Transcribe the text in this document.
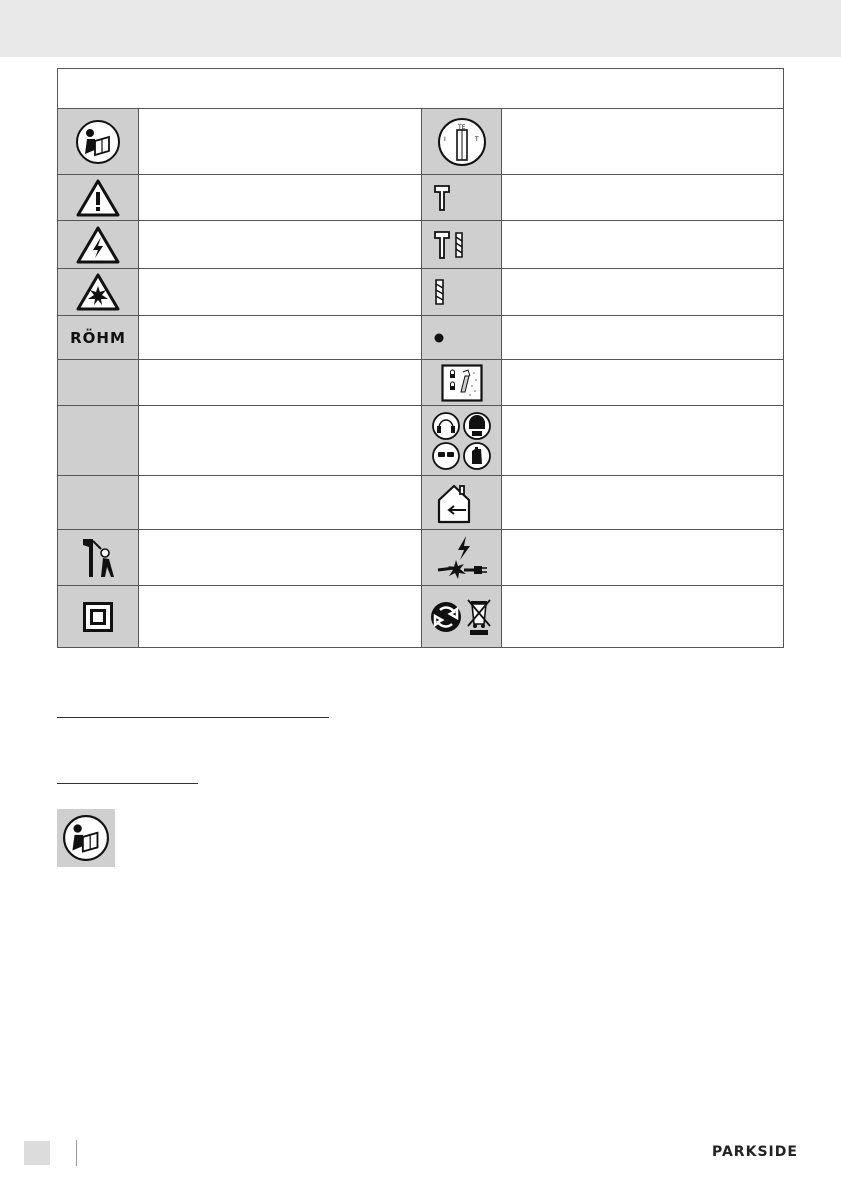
TE
I	T
RÖHM
PARKSIDE
